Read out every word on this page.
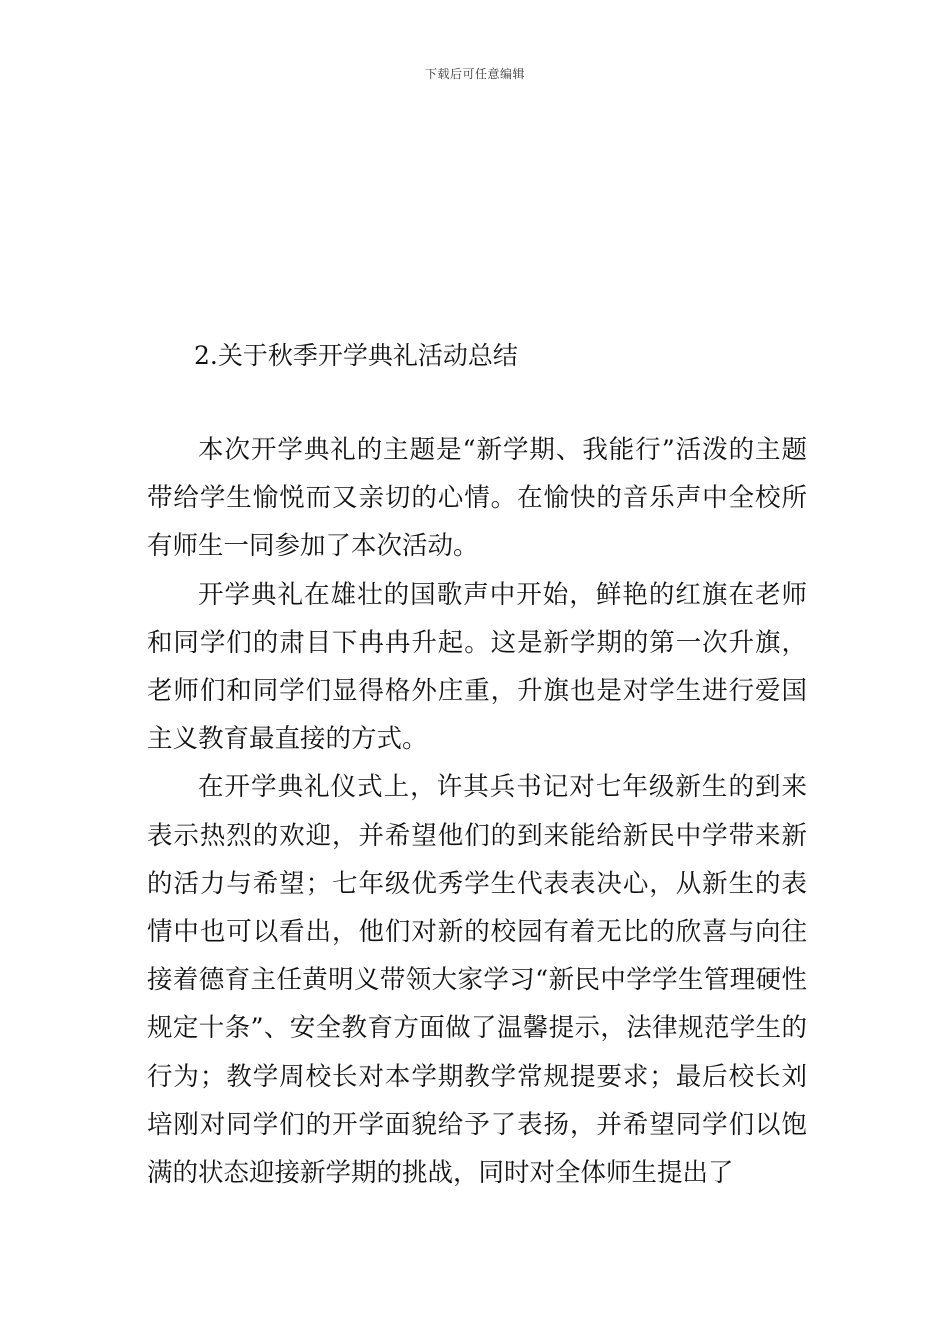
下载后可任意编辑
2.关于秋季开学典礼活动总结

本次开学典礼的主题是“新学期、我能行”活泼的主题带给学生愉悦而又亲切的心情。在愉快的音乐声中全校所有师生一同参加了本次活动。

开学典礼在雄壮的国歌声中开始，鲜艳的红旗在老师和同学们的肃目下冉冉升起。这是新学期的第一次升旗，老师们和同学们显得格外庄重，升旗也是对学生进行爱国主义教育最直接的方式。

在开学典礼仪式上，许其兵书记对七年级新生的到来表示热烈的欢迎，并希望他们的到来能给新民中学带来新的活力与希望；七年级优秀学生代表表决心，从新生的表情中也可以看出，他们对新的校园有着无比的欣喜与向往接着德育主任黄明义带领大家学习“新民中学学生管理硬性规定十条”、安全教育方面做了温馨提示，法律规范学生的行为；教学周校长对本学期教学常规提要求；最后校长刘培刚对同学们的开学面貌给予了表扬，并希望同学们以饱满的状态迎接新学期的挑战，同时对全体师生提出了
